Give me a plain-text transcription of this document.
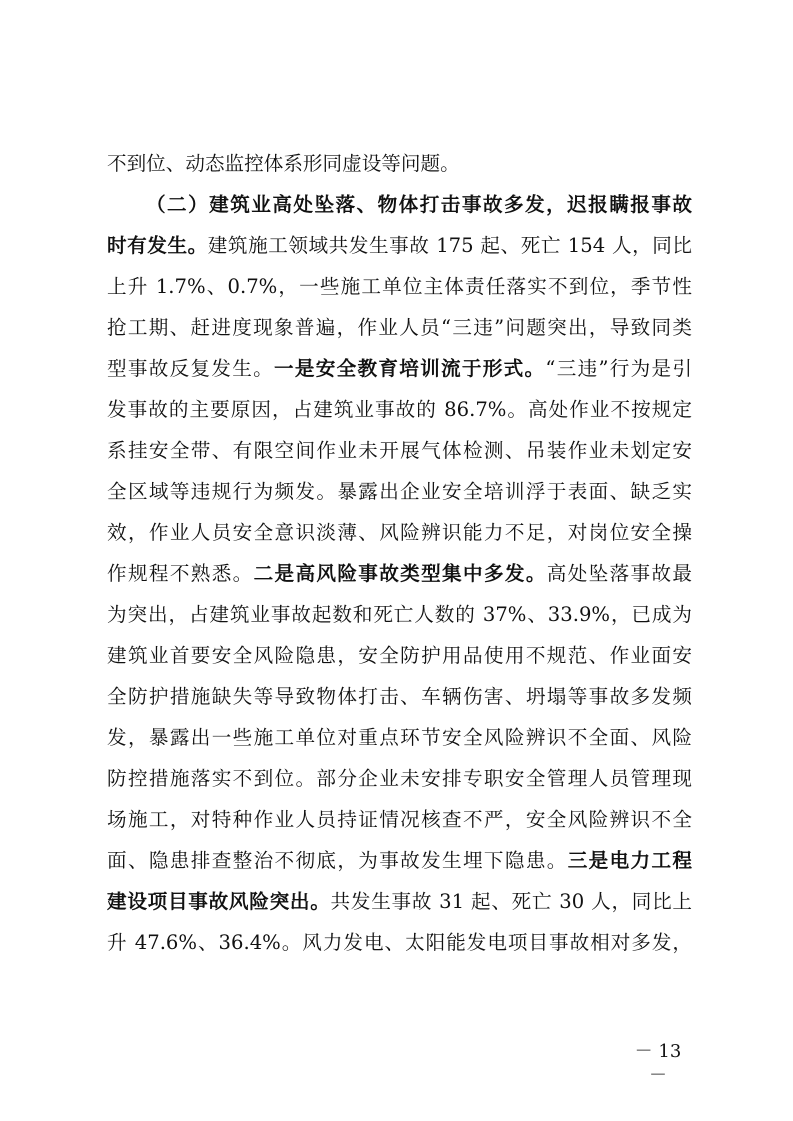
不到位、动态监控体系形同虚设等问题。
（二）建筑业高处坠落、物体打击事故多发，迟报瞒报事故
时有发生。建筑施工领域共发生事故 175 起、死亡 154 人，同比
上升 1.7%、0.7%，一些施工单位主体责任落实不到位，季节性
抢工期、赶进度现象普遍，作业人员“三违”问题突出，导致同类
型事故反复发生。一是安全教育培训流于形式。“三违”行为是引
发事故的主要原因，占建筑业事故的 86.7%。高处作业不按规定
系挂安全带、有限空间作业未开展气体检测、吊装作业未划定安
全区域等违规行为频发。暴露出企业安全培训浮于表面、缺乏实
效，作业人员安全意识淡薄、风险辨识能力不足，对岗位安全操
作规程不熟悉。二是高风险事故类型集中多发。高处坠落事故最
为突出，占建筑业事故起数和死亡人数的 37%、33.9%，已成为
建筑业首要安全风险隐患，安全防护用品使用不规范、作业面安
全防护措施缺失等导致物体打击、车辆伤害、坍塌等事故多发频
发，暴露出一些施工单位对重点环节安全风险辨识不全面、风险
防控措施落实不到位。部分企业未安排专职安全管理人员管理现
场施工，对特种作业人员持证情况核查不严，安全风险辨识不全
面、隐患排查整治不彻底，为事故发生埋下隐患。三是电力工程
建设项目事故风险突出。共发生事故 31 起、死亡 30 人，同比上
升 47.6%、36.4%。风力发电、太阳能发电项目事故相对多发，
－ 13 －
